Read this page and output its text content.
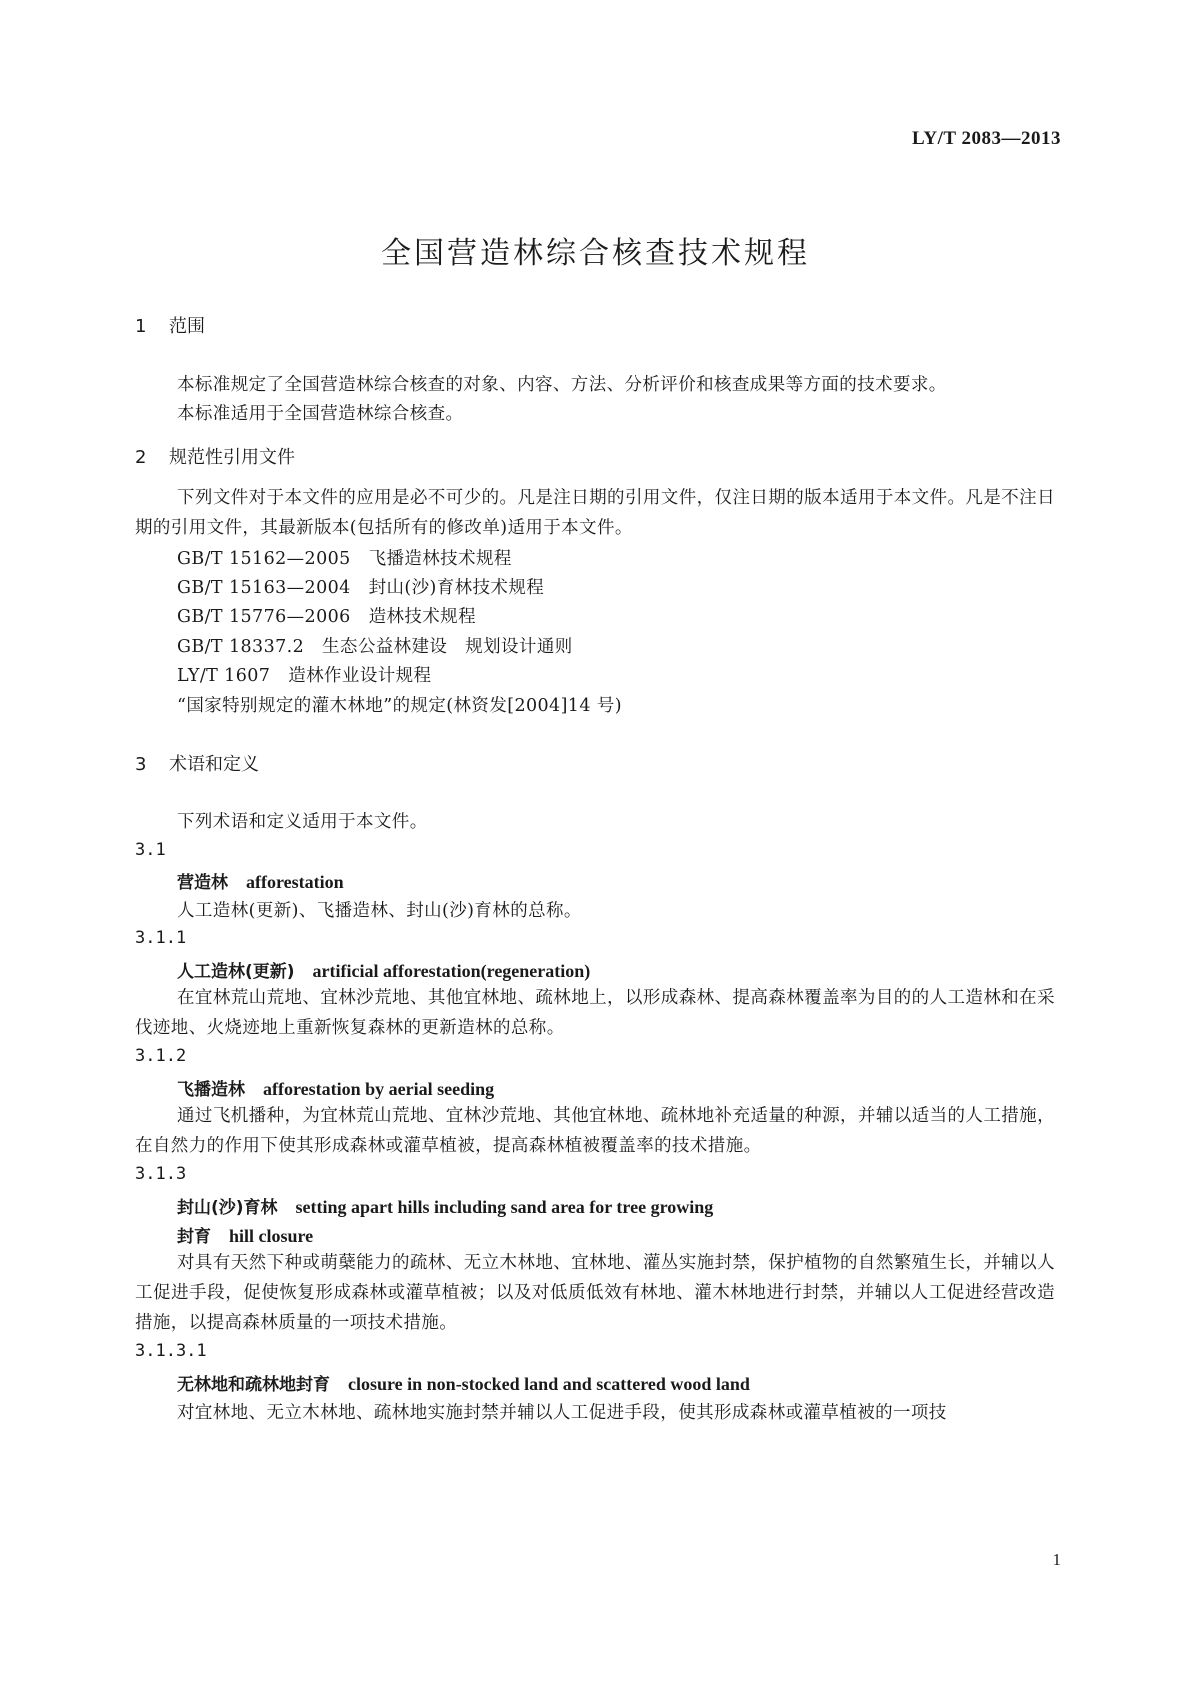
LY/T 2083—2013
全国营造林综合核查技术规程
1 范围
本标准规定了全国营造林综合核查的对象、内容、方法、分析评价和核查成果等方面的技术要求。
本标准适用于全国营造林综合核查。
2 规范性引用文件
下列文件对于本文件的应用是必不可少的。凡是注日期的引用文件，仅注日期的版本适用于本文件。凡是不注日期的引用文件，其最新版本(包括所有的修改单)适用于本文件。
GB/T 15162—2005　飞播造林技术规程
GB/T 15163—2004　封山(沙)育林技术规程
GB/T 15776—2006　造林技术规程
GB/T 18337.2　生态公益林建设　规划设计通则
LY/T 1607　造林作业设计规程
“国家特别规定的灌木林地”的规定(林资发[2004]14 号)
3 术语和定义
下列术语和定义适用于本文件。
3.1
营造林 afforestation
人工造林(更新)、飞播造林、封山(沙)育林的总称。
3.1.1
人工造林(更新) artificial afforestation(regeneration)
在宜林荒山荒地、宜林沙荒地、其他宜林地、疏林地上，以形成森林、提高森林覆盖率为目的的人工造林和在采伐迹地、火烧迹地上重新恢复森林的更新造林的总称。
3.1.2
飞播造林 afforestation by aerial seeding
通过飞机播种，为宜林荒山荒地、宜林沙荒地、其他宜林地、疏林地补充适量的种源，并辅以适当的人工措施，在自然力的作用下使其形成森林或灌草植被，提高森林植被覆盖率的技术措施。
3.1.3
封山(沙)育林 setting apart hills including sand area for tree growing
封育 hill closure
对具有天然下种或萌蘖能力的疏林、无立木林地、宜林地、灌丛实施封禁，保护植物的自然繁殖生长，并辅以人工促进手段，促使恢复形成森林或灌草植被；以及对低质低效有林地、灌木林地进行封禁，并辅以人工促进经营改造措施，以提高森林质量的一项技术措施。
3.1.3.1
无林地和疏林地封育 closure in non-stocked land and scattered wood land
对宜林地、无立木林地、疏林地实施封禁并辅以人工促进手段，使其形成森林或灌草植被的一项技
1
